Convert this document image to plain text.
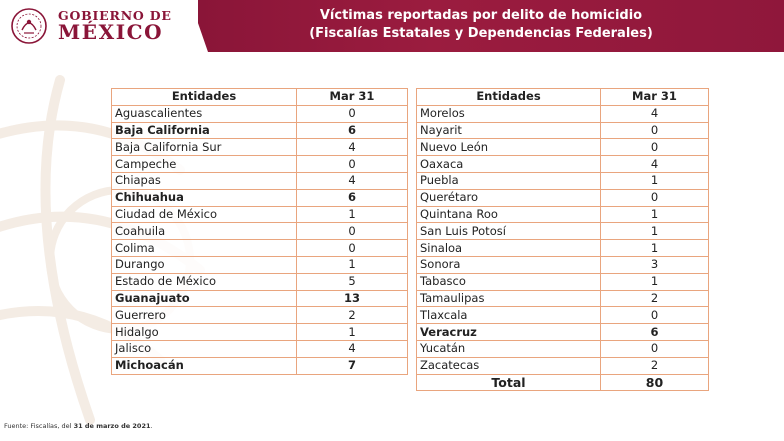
GOBIERNO DE
MÉXICO
Víctimas reportadas por delito de homicidio
(Fiscalías Estatales y Dependencias Federales)
Entidades	Mar 31
Aguascalientes	0
Baja California	6
Baja California Sur	4
Campeche	0
Chiapas	4
Chihuahua	6
Ciudad de México	1
Coahuila	0
Colima	0
Durango	1
Estado de México	5
Guanajuato	13
Guerrero	2
Hidalgo	1
Jalisco	4
Michoacán	7
Entidades	Mar 31
Morelos	4
Nayarit	0
Nuevo León	0
Oaxaca	4
Puebla	1
Querétaro	0
Quintana Roo	1
San Luis Potosí	1
Sinaloa	1
Sonora	3
Tabasco	1
Tamaulipas	2
Tlaxcala	0
Veracruz	6
Yucatán	0
Zacatecas	2
Total	80
Fuente: Fiscalías, del 31 de marzo de 2021.
